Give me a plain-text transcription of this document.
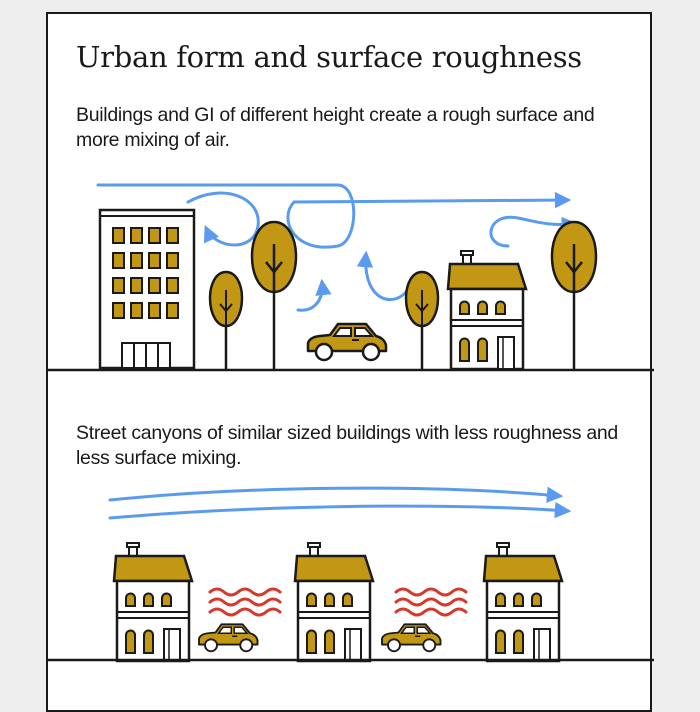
Urban form and surface roughness

Buildings and GI of different height create a rough surface and more mixing of air.

Street canyons of similar sized buildings with less roughness and less surface mixing.
